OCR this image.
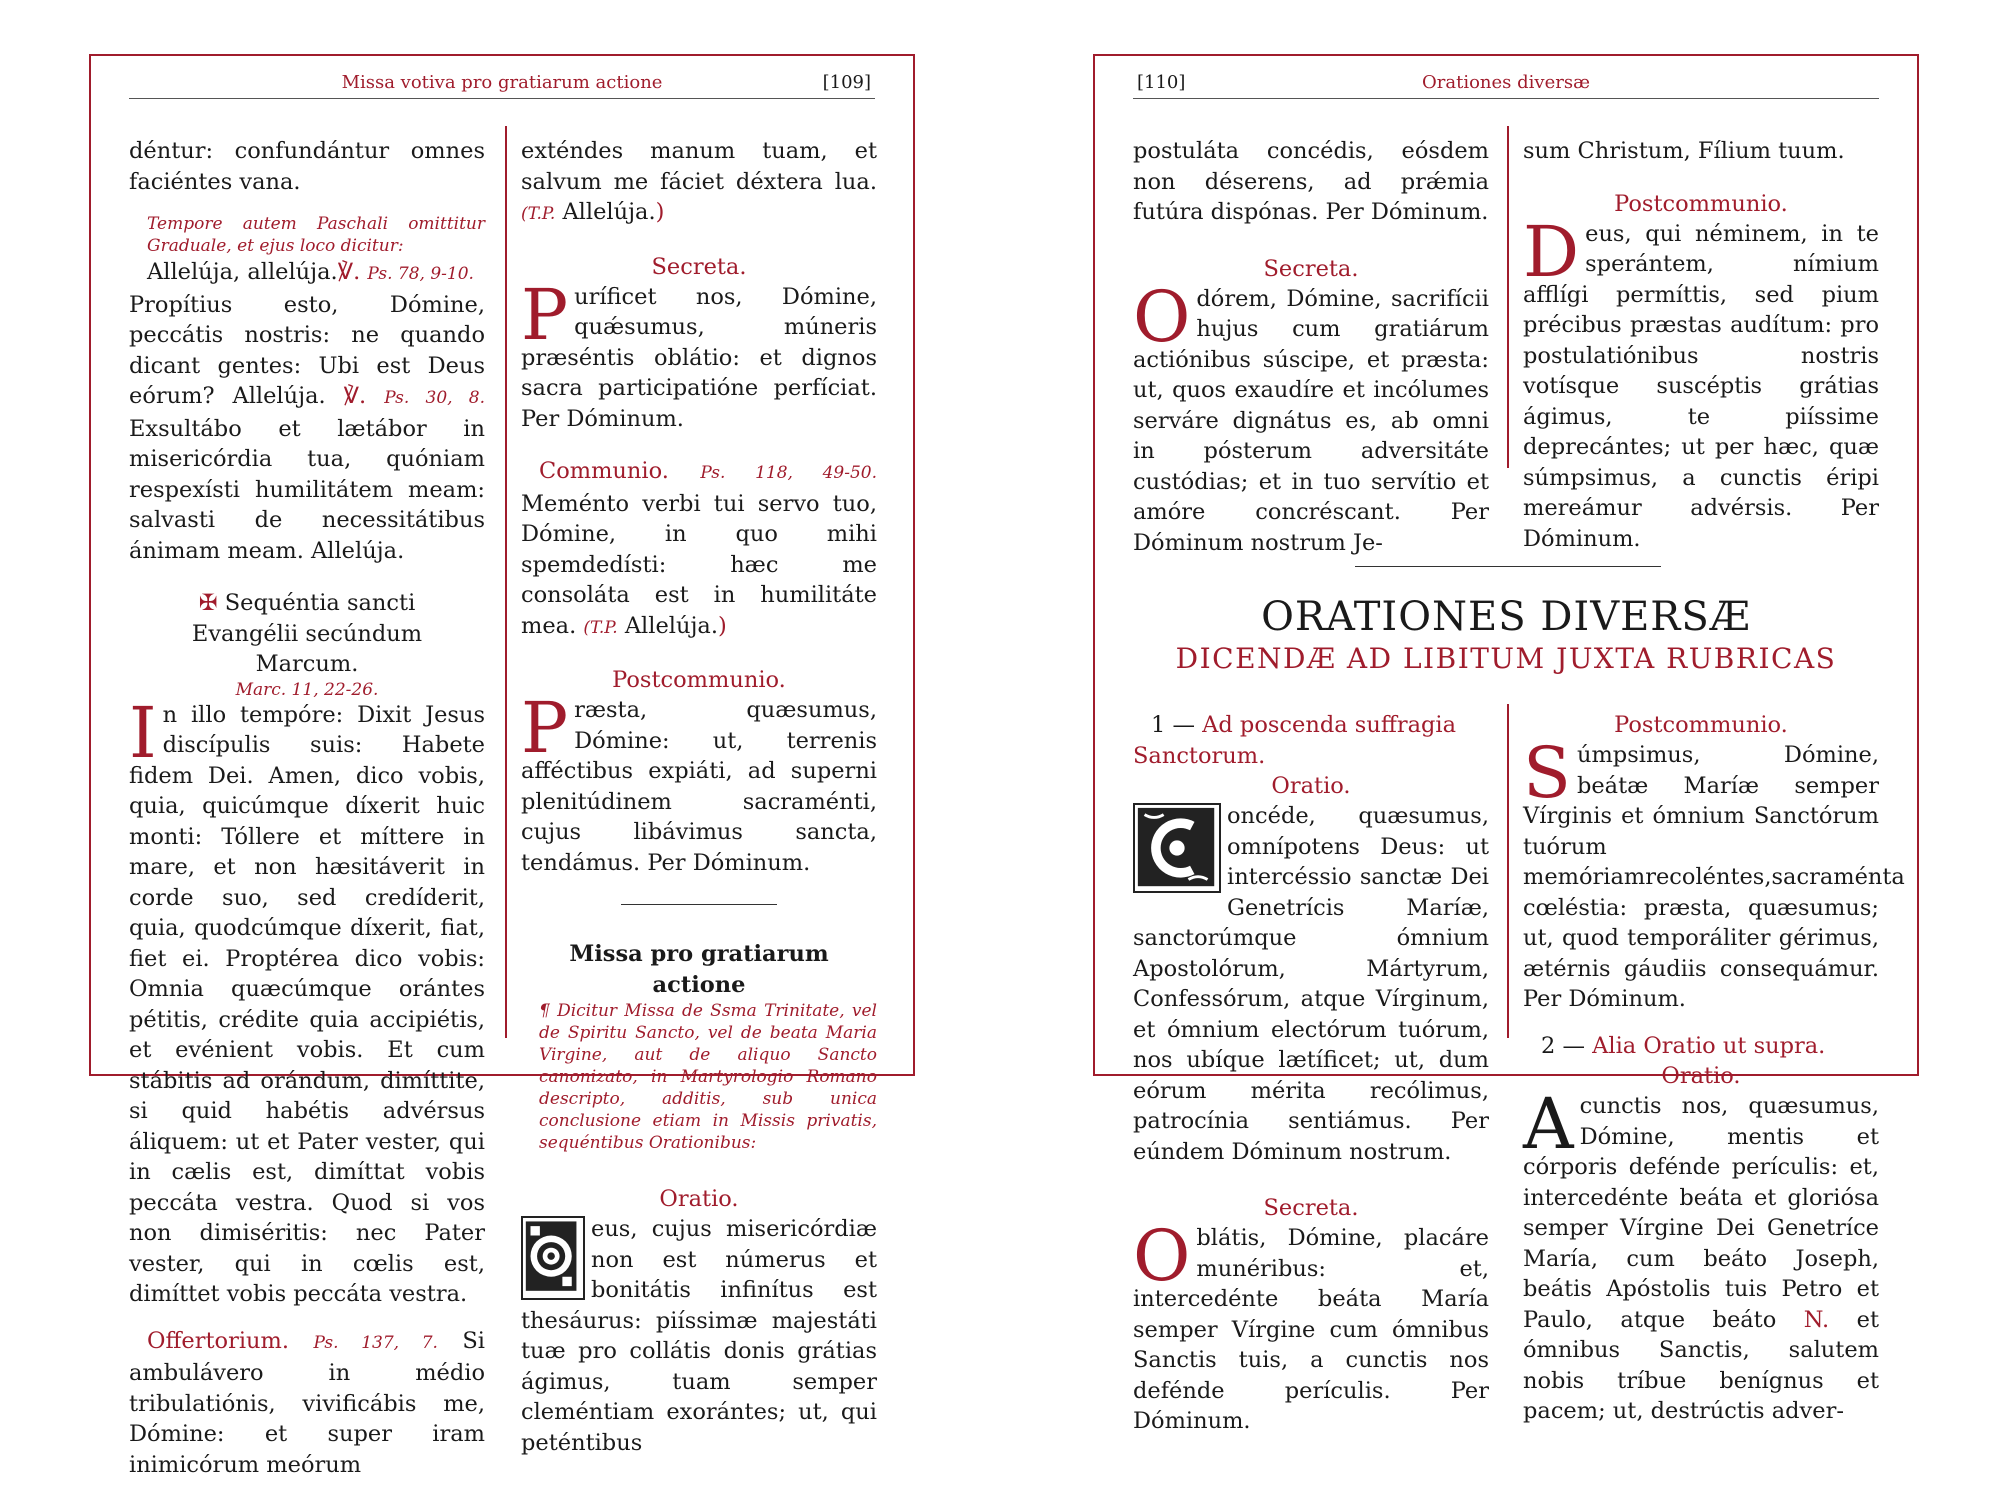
Missa votiva pro gratiarum actione	[109]

déntur: confundántur omnes faciéntes vana.

Tempore autem Paschali omittitur Graduale, et ejus loco dicitur:

Allelúja, allelúja.℣. Ps. 78, 9-10.

Propítius esto, Dómine, peccátis nostris: ne quando dicant gentes: Ubi est Deus eórum? Allelúja. ℣. Ps. 30, 8. Exsultábo et lætábor in misericórdia tua, quóniam respexísti humilitátem meam: salvasti de necessitátibus ánimam meam. Allelúja.

✠ Sequéntia sancti Evangélii secúndum Marcum.

Marc. 11, 22-26.

In illo tempóre: Dixit Jesus discípulis suis: Habete fidem Dei. Amen, dico vobis, quia, quicúmque díxerit huic monti: Tóllere et míttere in mare, et non hæsitáverit in corde suo, sed credíderit, quia, quodcúmque díxerit, fiat, fiet ei. Proptérea dico vobis: Omnia quæcúmque orántes pétitis, crédite quia accipiétis, et evénient vobis. Et cum stábitis ad orándum, dimíttite, si quid habétis advérsus áliquem: ut et Pater vester, qui in cælis est, dimíttat vobis peccáta vestra. Quod si vos non dimiséritis: nec Pater vester, qui in cœlis est, dimíttet vobis peccáta vestra.

Offertorium. Ps. 137, 7. Si ambulávero in médio tribulatiónis, vivificábis me, Dómine: et super iram inimicórum meórum

exténdes manum tuam, et salvum me fáciet déxtera lua. (T.P. Allelúja.)

Secreta.

Puríficet nos, Dómine, quǽsumus, múneris præséntis oblátio: et dignos sacra participatióne perfíciat. Per Dóminum.

Communio. Ps. 118, 49-50. Meménto verbi tui servo tuo, Dómine, in quo mihi spemdedísti: hæc me consoláta est in humilitáte mea. (T.P. Allelúja.)

Postcommunio.

Præsta, quæsumus, Dómine: ut, terrenis afféctibus expiáti, ad superni plenitúdinem sacraménti, cujus libávimus sancta, tendámus. Per Dóminum.

Missa pro gratiarum actione

¶ Dicitur Missa de Ssma Trinitate, vel de Spiritu Sancto, vel de beata Maria Virgine, aut de aliquo Sancto canonizato, in Martyrologio Romano descripto, additis, sub unica conclusione etiam in Missis privatis, sequéntibus Orationibus:

Oratio.

eus, cujus misericórdiæ non est númerus et bonitátis infinítus est thesáurus: piíssimæ majestáti tuæ pro collátis donis grátias ágimus, tuam semper cleméntiam exorántes; ut, qui peténtibus

[110]	Orationes diversæ

postuláta concédis, eósdem non déserens, ad prǽmia futúra dispónas. Per Dóminum.

Secreta.

Odórem, Dómine, sacrifícii hujus cum gratiárum actiónibus súscipe, et præsta: ut, quos exaudíre et incólumes serváre dignátus es, ab omni in pósterum adversitáte custódias; et in tuo servítio et amóre concréscant. Per Dóminum nostrum Je-

sum Christum, Fílium tuum.

Postcommunio.

Deus, qui néminem, in te sperántem, nímium afflígi permíttis, sed pium précibus præstas audítum: pro postulatiónibus nostris votísque suscéptis grátias ágimus, te piíssime deprecántes; ut per hæc, quæ súmpsimus, a cunctis éripi mereámur advérsis. Per Dóminum.

ORATIONES DIVERSÆ
DICENDÆ AD LIBITUM JUXTA RUBRICAS

1 — Ad poscenda suffragia Sanctorum.

Oratio.

oncéde, quæsumus, omnípotens Deus: ut intercéssio sanctæ Dei Genetrícis Maríæ, sanctorúmque ómnium Apostolórum, Mártyrum, Confessórum, atque Vírginum, et ómnium electórum tuórum, nos ubíque lætíficet; ut, dum eórum mérita recólimus, patrocínia sentiámus. Per eúndem Dóminum nostrum.

Secreta.

Oblátis, Dómine, placáre munéribus: et, intercedénte beáta María semper Vírgine cum ómnibus Sanctis tuis, a cunctis nos defénde perículis. Per Dóminum.

Postcommunio.

Súmpsimus, Dómine, beátæ Maríæ semper Vírginis et ómnium Sanctórum tuórum memóriamrecoléntes,sacraménta cœléstia: præsta, quæsumus; ut, quod temporáliter gérimus, ætérnis gáudiis consequámur. Per Dóminum.

2 — Alia Oratio ut supra.

Oratio.

Acunctis nos, quæsumus, Dómine, mentis et córporis defénde perículis: et, intercedénte beáta et gloriósa semper Vírgine Dei Genetríce María, cum beáto Joseph, beátis Apóstolis tuis Petro et Paulo, atque beáto N. et ómnibus Sanctis, salutem nobis tríbue benígnus et pacem; ut, destrúctis adver-
